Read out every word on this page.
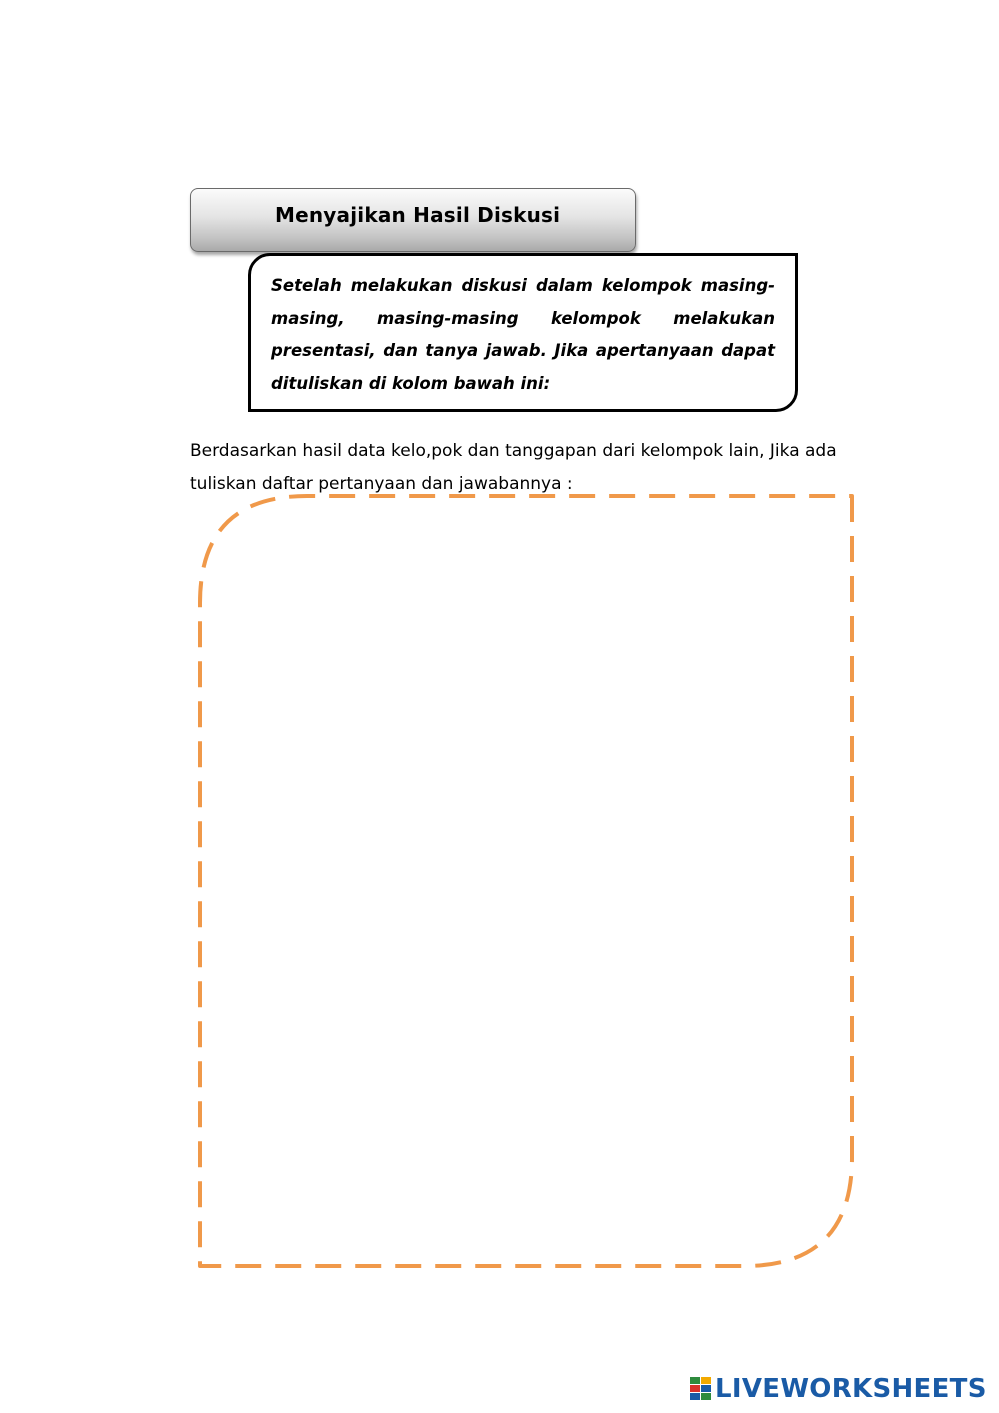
Menyajikan Hasil Diskusi

Setelah melakukan diskusi dalam kelompok masing-masing, masing-masing kelompok melakukan presentasi, dan tanya jawab. Jika apertanyaan dapat dituliskan di kolom bawah ini:

Berdasarkan hasil data kelo,pok dan tanggapan dari kelompok lain, Jika ada tuliskan daftar pertanyaan dan jawabannya :

LIVEWORKSHEETS
